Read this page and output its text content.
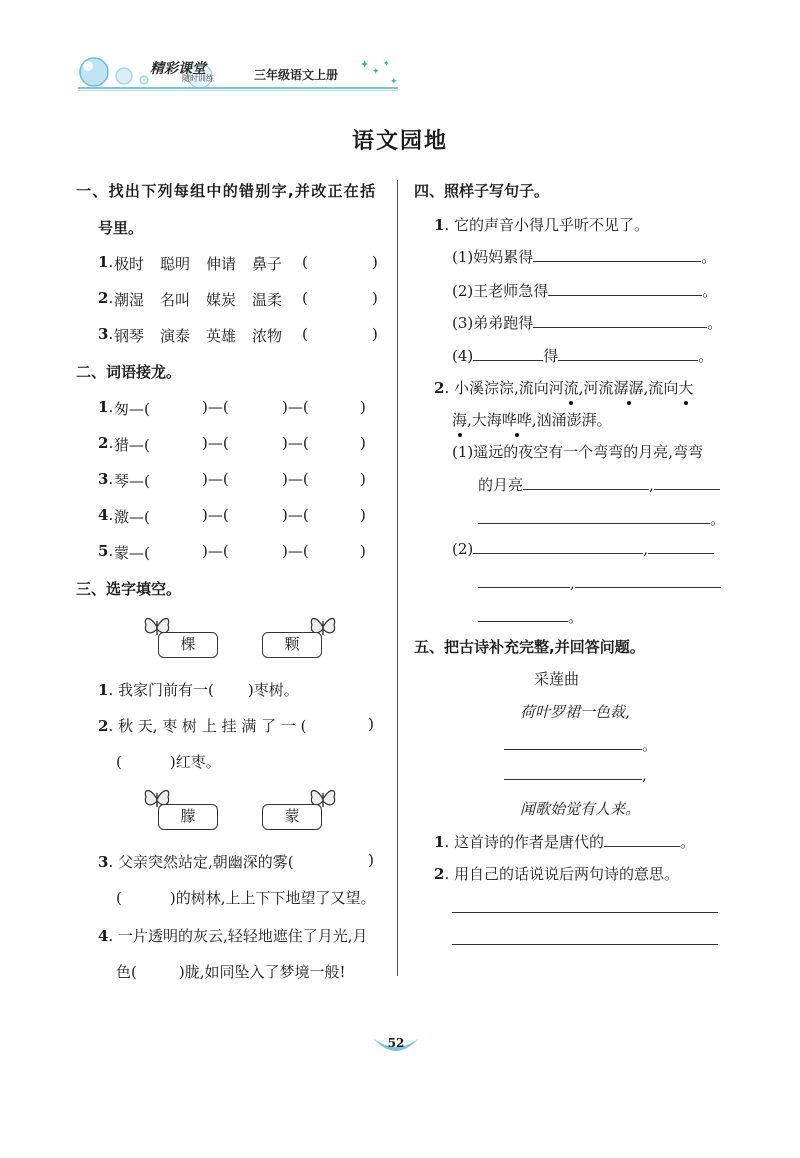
✦
✦
✦
✦
精彩课堂
随时训练	三年级语文上册
语文园地
一、找出下列每组中的错别字,并改正在括
号里。
1. 极时 聪明 伸请 鼻子 (	)
2. 潮湿 名叫 媒炭 温柔 (	)
3. 钢琴 演泰 英雄 浓物 (	)
二、词语接龙。
1. 匆—(	)—(	)—(	)
2. 猎—(	)—(	)—(	)
3. 琴—(	)—(	)—(	)
4. 激—(	)—(	)—(	)
5. 蒙—(	)—(	)—(	)
三、选字填空。
棵	颗
1. 我家门前有一( )枣树。
2. 秋 天, 枣 树 上 挂 满 了 一 (	)
(	)红枣。
朦	蒙
3. 父亲突然站定,朝幽深的雾(	)
(	)的树林,上上下下地望了又望。
4. 一片透明的灰云,轻轻地遮住了月光,月
色(	)胧,如同坠入了梦境一般!
四、照样子写句子。
1. 它的声音小得几乎听不见了。
(1)妈妈累得	。
(2)王老师急得	。
(3)弟弟跑得	。
(4)	得	。
2. 小溪淙淙,流向河流,河流潺潺,流向大
海,大海哗哗,汹涌澎湃。
(1)遥远的夜空有一个弯弯的月亮,弯弯
的月亮	,
。
(2)	,
,
。
五、把古诗补充完整,并回答问题。
采莲曲
荷叶罗裙一色裁,
。
,
闻歌始觉有人来。
1. 这首诗的作者是唐代的	。
2. 用自己的话说说后两句诗的意思。
52
